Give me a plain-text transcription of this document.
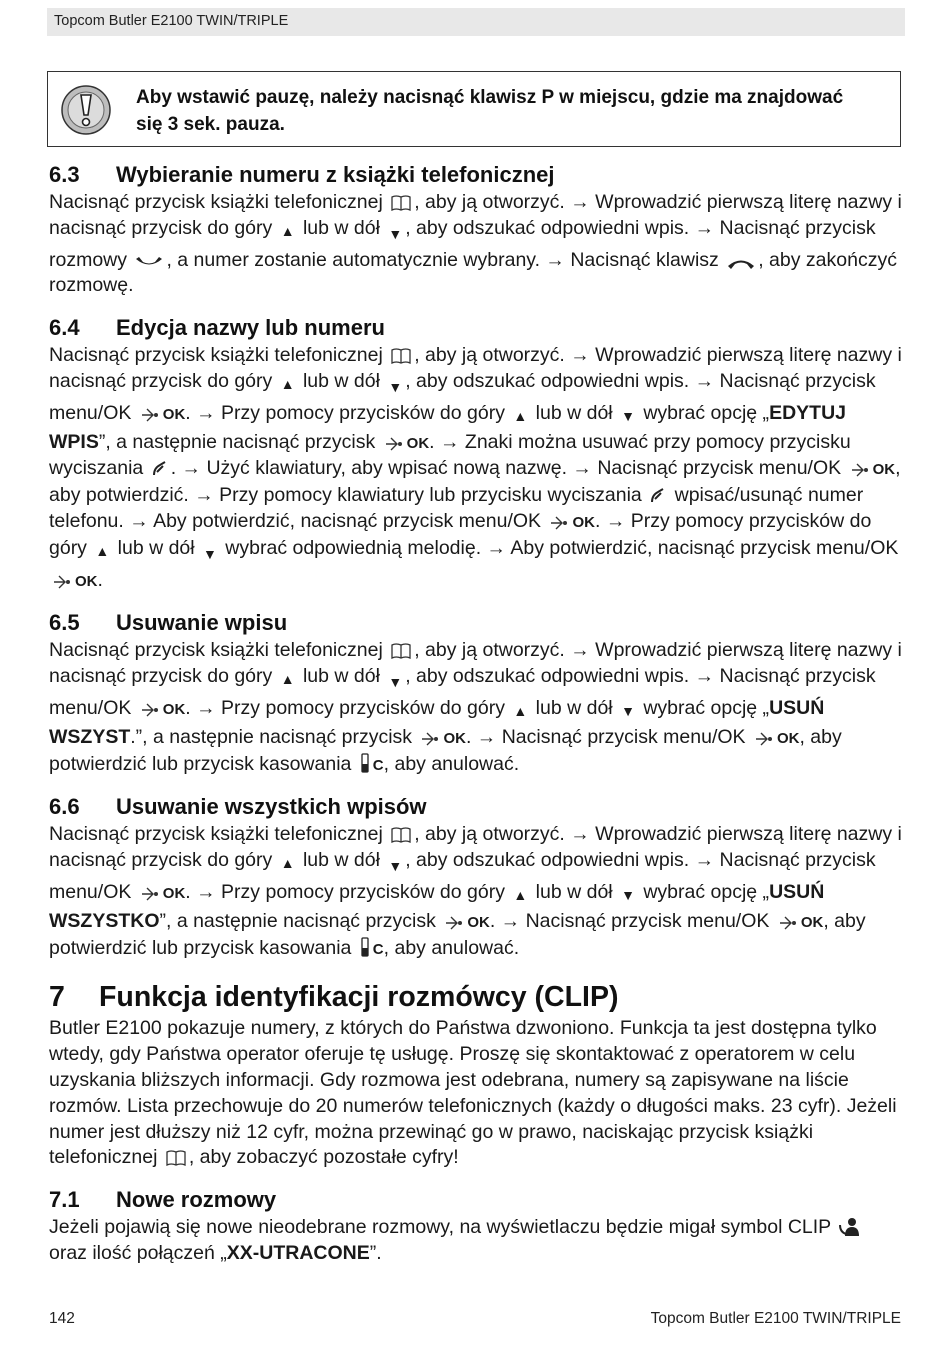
Topcom Butler E2100 TWIN/TRIPLE
Aby wstawić pauzę, należy nacisnąć klawisz P w miejscu, gdzie ma znajdować się 3 sek. pauza.
6.3 Wybieranie numeru z książki telefonicznej

Nacisnąć przycisk książki telefonicznej , aby ją otworzyć. → Wprowadzić pierwszą literę nazwy i nacisnąć przycisk do góry ▲ lub w dół ▼ , aby odszukać odpowiedni wpis. → Nacisnąć przycisk rozmowy , a numer zostanie automatycznie wybrany. → Nacisnąć klawisz , aby zakończyć rozmowę.

6.4 Edycja nazwy lub numeru

Nacisnąć przycisk książki telefonicznej , aby ją otworzyć. → Wprowadzić pierwszą literę nazwy i nacisnąć przycisk do góry ▲ lub w dół ▼ , aby odszukać odpowiedni wpis. → Nacisnąć przycisk menu/OK OK. → Przy pomocy przycisków do góry ▲ lub w dół ▼ wybrać opcję „EDYTUJ WPIS”, a następnie nacisnąć przycisk OK. → Znaki można usuwać przy pomocy przycisku wyciszania . → Użyć klawiatury, aby wpisać nową nazwę. → Nacisnąć przycisk menu/OK OK, aby potwierdzić. → Przy pomocy klawiatury lub przycisku wyciszania  wpisać/usunąć numer telefonu. → Aby potwierdzić, nacisnąć przycisk menu/OK OK. → Przy pomocy przycisków do góry ▲ lub w dół ▼ wybrać odpowiednią melodię. → Aby potwierdzić, nacisnąć przycisk menu/OK OK.

6.5 Usuwanie wpisu

Nacisnąć przycisk książki telefonicznej , aby ją otworzyć. → Wprowadzić pierwszą literę nazwy i nacisnąć przycisk do góry ▲ lub w dół ▼ , aby odszukać odpowiedni wpis. → Nacisnąć przycisk menu/OK OK. → Przy pomocy przycisków do góry ▲ lub w dół ▼ wybrać opcję „USUŃ WSZYST.”, a następnie nacisnąć przycisk OK. → Nacisnąć przycisk menu/OK OK, aby potwierdzić lub przycisk kasowania C, aby anulować.

6.6 Usuwanie wszystkich wpisów

Nacisnąć przycisk książki telefonicznej , aby ją otworzyć. → Wprowadzić pierwszą literę nazwy i nacisnąć przycisk do góry ▲ lub w dół ▼ , aby odszukać odpowiedni wpis. → Nacisnąć przycisk menu/OK OK. → Przy pomocy przycisków do góry ▲ lub w dół ▼ wybrać opcję „USUŃ WSZYSTKO”, a następnie nacisnąć przycisk OK. → Nacisnąć przycisk menu/OK OK, aby potwierdzić lub przycisk kasowania C, aby anulować.

7 Funkcja identyfikacji rozmówcy (CLIP)

Butler E2100 pokazuje numery, z których do Państwa dzwoniono. Funkcja ta jest dostępna tylko wtedy, gdy Państwa operator oferuje tę usługę. Proszę się skontaktować z operatorem w celu uzyskania bliższych informacji. Gdy rozmowa jest odebrana, numery są zapisywane na liście rozmów. Lista przechowuje do 20 numerów telefonicznych (każdy o długości maks. 23 cyfr). Jeżeli numer jest dłuższy niż 12 cyfr, można przewinąć go w prawo, naciskając przycisk książki telefonicznej , aby zobaczyć pozostałe cyfry!

7.1 Nowe rozmowy

Jeżeli pojawią się nowe nieodebrane rozmowy, na wyświetlaczu będzie migał symbol CLIP  oraz ilość połączeń „XX-UTRACONE”.

142	Topcom Butler E2100 TWIN/TRIPLE
